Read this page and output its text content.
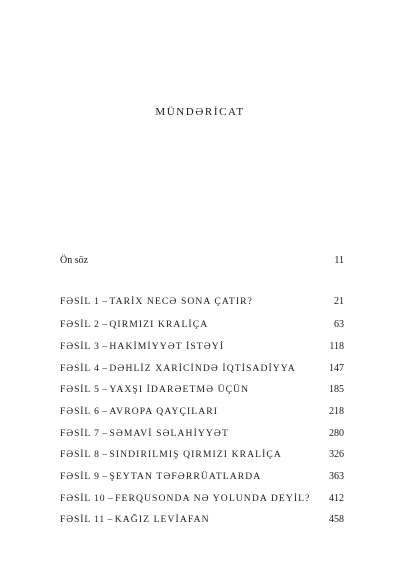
MÜNDƏRİCAT
Ön söz	11
FƏSİL 1 – TARİX NECƏ SONA ÇATIR?	21
FƏSİL 2 – QIRMIZI KRALİÇA	63
FƏSİL 3 – HAKİMİYYƏT İSTƏYİ	118
FƏSİL 4 – DƏHLİZ XARİCİNDƏ İQTİSADİYYA	147
FƏSİL 5 – YAXŞI İDARƏETMƏ ÜÇÜN	185
FƏSİL 6 – AVROPA QAYÇILARI	218
FƏSİL 7 – SƏMAVİ SƏLAHİYYƏT	280
FƏSİL 8 – SINDIRILMIŞ QIRMIZI KRALİÇA	326
FƏSİL 9 – ŞEYTAN TƏFƏRRÜATLARDA	363
FƏSİL 10 – FERQUSONDA NƏ YOLUNDA DEYİL? 412
FƏSİL 11 – KAĞIZ LEVİAFAN	458
